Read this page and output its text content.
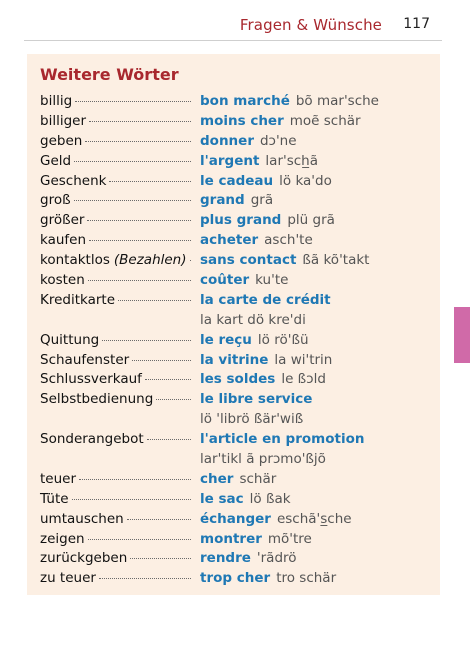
Fragen & Wünsche 117
Weitere Wörter
billig	bon marché bõ mar'sche
billiger	moins cher moẽ schär
geben	donner dɔ'ne
Geld	l'argent lar'sch̲ã
Geschenk	le cadeau lö ka'do
groß	grand grã
größer	plus grand plü grã
kaufen	acheter asch'te
kontaktlos (Bezahlen) sans contact ßã kõ'takt
kosten	coûter ku'te
Kreditkarte	la carte de crédit
la kart dö kre'di
Quittung	le reçu lö rö'ßü
Schaufenster	la vitrine la wi'trin
Schlussverkauf	les soldes le ßɔld
Selbstbedienung	le libre service
lö 'librö ßär'wiß
Sonderangebot	l'article en promotion
lar'tikl ã prɔmo'ßjõ
teuer	cher schär
Tüte	le sac lö ßak
umtauschen	échanger eschã's̲che
zeigen	montrer mõ'tre
zurückgeben	rendre 'rãdrö
zu teuer	trop cher tro schär
